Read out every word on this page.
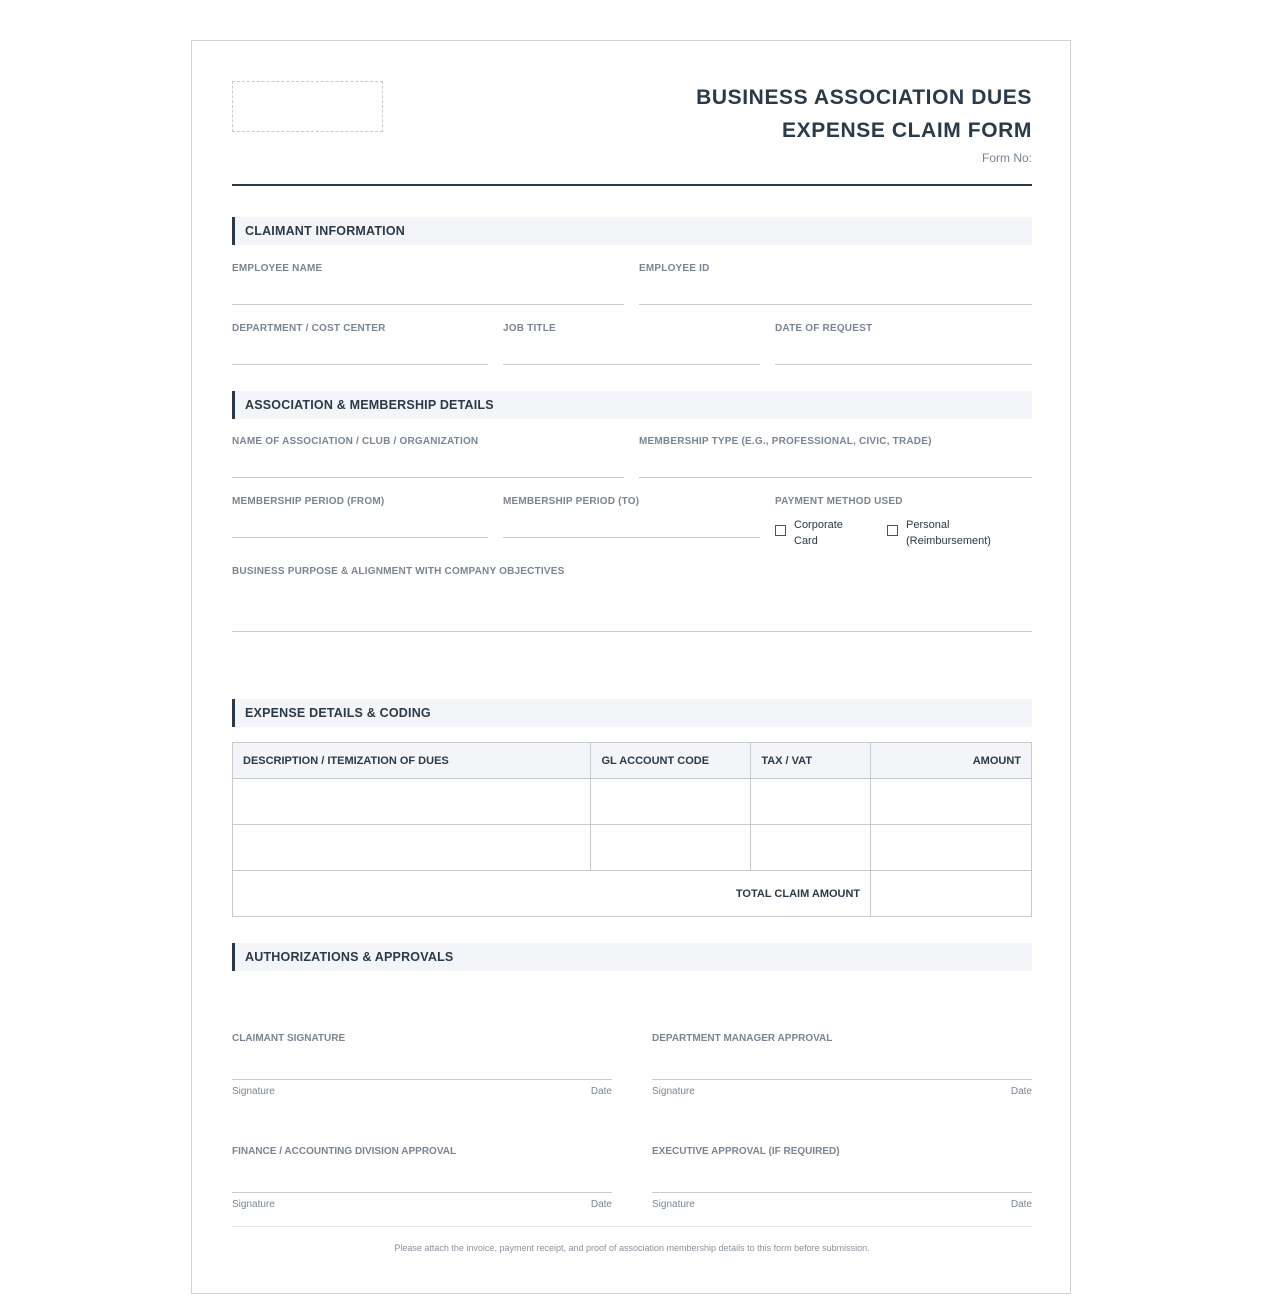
BUSINESS ASSOCIATION DUES
EXPENSE CLAIM FORM
Form No:
CLAIMANT INFORMATION
EMPLOYEE NAME	EMPLOYEE ID
DEPARTMENT / COST CENTER	JOB TITLE	DATE OF REQUEST
ASSOCIATION & MEMBERSHIP DETAILS
NAME OF ASSOCIATION / CLUB / ORGANIZATION	MEMBERSHIP TYPE (E.G., PROFESSIONAL, CIVIC, TRADE)
MEMBERSHIP PERIOD (FROM)	MEMBERSHIP PERIOD (TO)	PAYMENT METHOD USED
Corporate
Card
Personal
(Reimbursement)
BUSINESS PURPOSE & ALIGNMENT WITH COMPANY OBJECTIVES
EXPENSE DETAILS & CODING
DESCRIPTION / ITEMIZATION OF DUES	GL ACCOUNT CODE	TAX / VAT	AMOUNT

TOTAL CLAIM AMOUNT			
AUTHORIZATIONS & APPROVALS
CLAIMANT SIGNATURE
Signature	Date
DEPARTMENT MANAGER APPROVAL
Signature	Date
FINANCE / ACCOUNTING DIVISION APPROVAL
Signature	Date
EXECUTIVE APPROVAL (IF REQUIRED)
Signature	Date
Please attach the invoice, payment receipt, and proof of association membership details to this form before submission.
